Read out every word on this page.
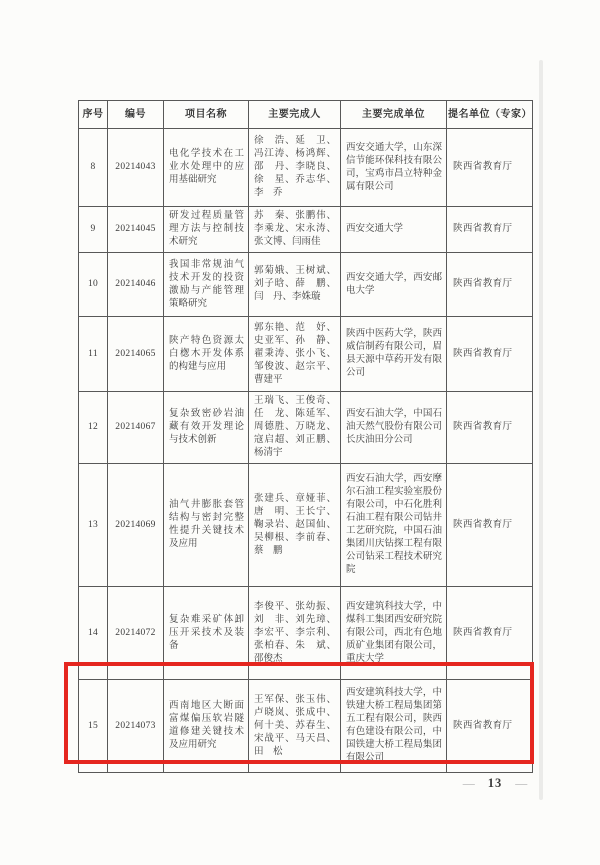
序号	编号	项目名称	主要完成人	主要完成单位	提名单位（专家）
8	20214043	电化学技术在工业水处理中的应用基础研究	徐　浩、延　卫、冯江涛、杨鸿辉、邵　丹、李晓良、徐　星、乔志华、李　乔	西安交通大学，山东深信节能环保科技有限公司，宝鸡市昌立特种金属有限公司	陕西省教育厅
9	20214045	研发过程质量管理方法与控制技术研究	苏　秦、张鹏伟、李乘龙、宋永涛、张文博、闫雨佳	西安交通大学	陕西省教育厅
10	20214046	我国非常规油气技术开发的投资激励与产能管理策略研究	郭菊娥、王树斌、刘子晗、薛　鹏、闫　丹、李姝璇	西安交通大学，西安邮电大学	陕西省教育厅
11	20214065	陕产特色资源太白楤木开发体系的构建与应用	郭东艳、范　妤、史亚军、孙　静、翟秉涛、张小飞、邹俊波、赵宗平、曹建平	陕西中医药大学，陕西威信制药有限公司，眉县天源中草药开发有限公司	陕西省教育厅
12	20214067	复杂致密砂岩油藏有效开发理论与技术创新	王瑞飞、王俊奇、任　龙、陈延军、周德胜、万晓龙、寇启超、刘正鹏、杨清宇	西安石油大学，中国石油天然气股份有限公司长庆油田分公司	陕西省教育厅
13	20214069	油气井膨胀套管结构与密封完整性提升关键技术及应用	张建兵、章娅菲、唐　明、王长宁、鞠录岩、赵国仙、吴柳根、李前春、蔡　鹏	西安石油大学，西安摩尔石油工程实验室股份有限公司，中石化胜利石油工程有限公司钻井工艺研究院，中国石油集团川庆钻探工程有限公司钻采工程技术研究院	陕西省教育厅
14	20214072	复杂难采矿体卸压开采技术及装备	李俊平、张幼振、刘　非、刘先璋、李宏平、李宗利、张柏春、朱　斌、邵俊杰	西安建筑科技大学，中煤科工集团西安研究院有限公司，西北有色地质矿业集团有限公司，重庆大学	陕西省教育厅
15	20214073	西南地区大断面富煤偏压软岩隧道修建关键技术及应用研究	王军保、张玉伟、卢晓岚、张成中、何十美、苏春生、宋战平、马天昌、田　松	西安建筑科技大学，中铁建大桥工程局集团第五工程有限公司，陕西有色建设有限公司，中国铁建大桥工程局集团有限公司	陕西省教育厅
— 13 —
